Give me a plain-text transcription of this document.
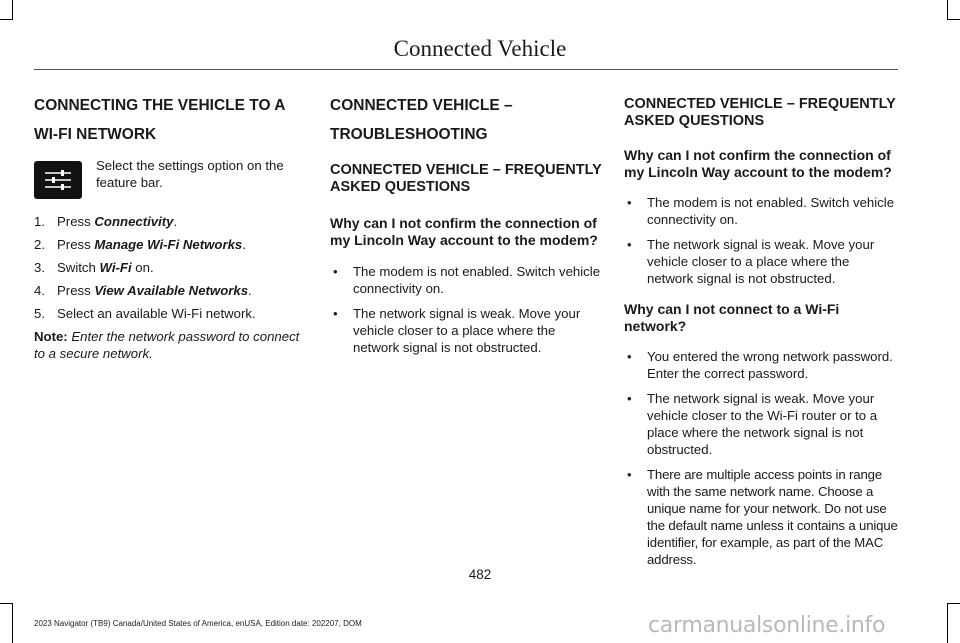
Connected Vehicle
CONNECTING THE VEHICLE TO A
WI-FI NETWORK
Select the settings option on the feature bar.
1. Press Connectivity.
2. Press Manage Wi-Fi Networks.
3. Switch Wi-Fi on.
4. Press View Available Networks.
5. Select an available Wi-Fi network.

Note: Enter the network password to connect to a secure network.

CONNECTED VEHICLE –
TROUBLESHOOTING
CONNECTED VEHICLE – FREQUENTLY ASKED QUESTIONS
Why can I not confirm the connection of my Lincoln Way account to the modem?
• The modem is not enabled. Switch vehicle connectivity on.
• The network signal is weak. Move your vehicle closer to a place where the network signal is not obstructed.
CONNECTED VEHICLE – FREQUENTLY ASKED QUESTIONS
Why can I not confirm the connection of my Lincoln Way account to the modem?
• The modem is not enabled. Switch vehicle connectivity on.
• The network signal is weak. Move your vehicle closer to a place where the network signal is not obstructed.
Why can I not connect to a Wi-Fi network?
• You entered the wrong network password. Enter the correct password.
• The network signal is weak. Move your vehicle closer to the Wi-Fi router or to a place where the network signal is not obstructed.
• There are multiple access points in range with the same network name. Choose a unique name for your network. Do not use the default name unless it contains a unique identifier, for example, as part of the MAC address.
482
2023 Navigator (TB9) Canada/United States of America, enUSA, Edition date: 202207, DOM	carmanualsonline.info
